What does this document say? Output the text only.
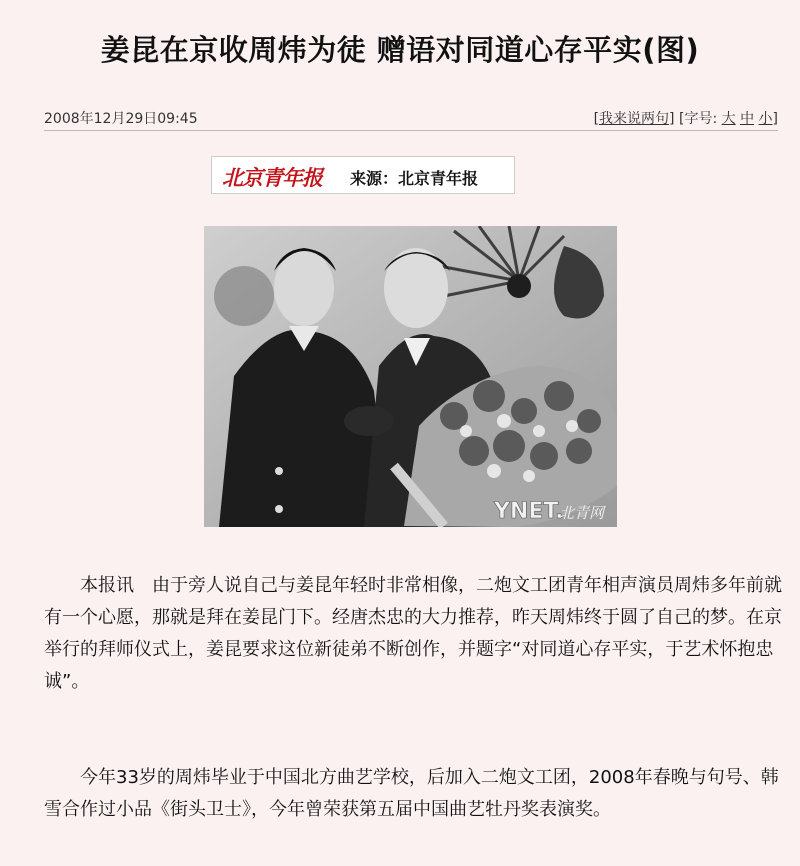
姜昆在京收周炜为徒 赠语对同道心存平实(图)
2008年12月29日09:45	[我来说两句] [字号: 大 中 小]
北京青年报 来源：北京青年报
YNET.
北青网
本报讯　由于旁人说自己与姜昆年轻时非常相像，二炮文工团青年相声演员周炜多年前就有一个心愿，那就是拜在姜昆门下。经唐杰忠的大力推荐，昨天周炜终于圆了自己的梦。在京举行的拜师仪式上，姜昆要求这位新徒弟不断创作，并题字“对同道心存平实，于艺术怀抱忠诚”。
今年33岁的周炜毕业于中国北方曲艺学校，后加入二炮文工团，2008年春晚与句号、韩雪合作过小品《街头卫士》，今年曾荣获第五届中国曲艺牡丹奖表演奖。
